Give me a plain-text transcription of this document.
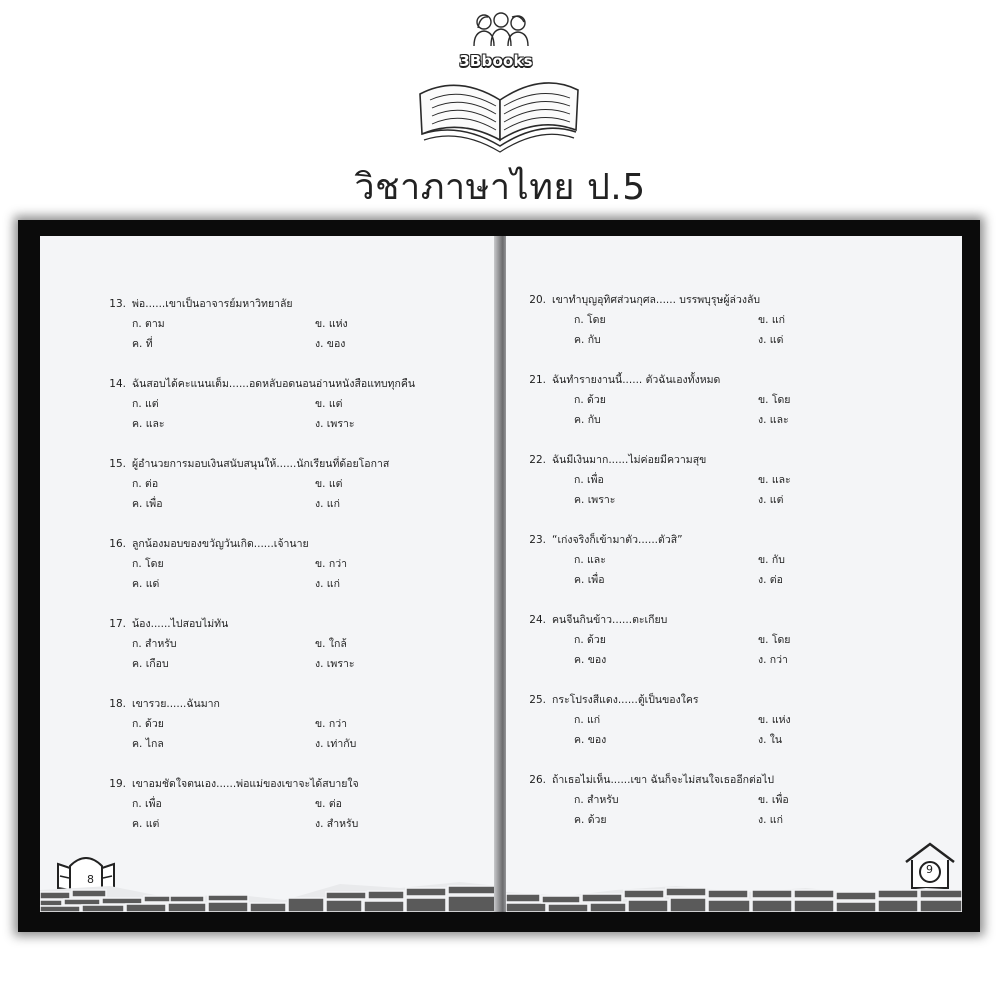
3Bbooks
วิชาภาษาไทย ป.5
13. พ่อ......เขาเป็นอาจารย์มหาวิทยาลัย
ก. ตาม	ข. แห่ง
ค. ที่	ง. ของ
14. ฉันสอบได้คะแนนเต็ม......อดหลับอดนอนอ่านหนังสือแทบทุกคืน
ก. แต่	ข. แต่
ค. และ	ง. เพราะ
15. ผู้อำนวยการมอบเงินสนับสนุนให้......นักเรียนที่ด้อยโอกาส
ก. ต่อ	ข. แต่
ค. เพื่อ	ง. แก่
16. ลูกน้องมอบของขวัญวันเกิด......เจ้านาย
ก. โดย	ข. กว่า
ค. แด่	ง. แก่
17. น้อง......ไปสอบไม่ทัน
ก. สำหรับ	ข. ใกล้
ค. เกือบ	ง. เพราะ
18. เขารวย......ฉันมาก
ก. ด้วย	ข. กว่า
ค. ไกล	ง. เท่ากับ
19. เขาอมชัดใจตนเอง......พ่อแม่ของเขาจะได้สบายใจ
ก. เพื่อ	ข. ต่อ
ค. แต่	ง. สำหรับ
8
20. เขาทำบุญอุทิศส่วนกุศล...... บรรพบุรุษผู้ล่วงลับ
ก. โดย	ข. แก่
ค. กับ	ง. แด่
21. ฉันทำรายงานนี้...... ตัวฉันเองทั้งหมด
ก. ด้วย	ข. โดย
ค. กับ	ง. และ
22. ฉันมีเงินมาก......ไม่ค่อยมีความสุข
ก. เพื่อ	ข. และ
ค. เพราะ	ง. แต่
23. “เก่งจริงก็เข้ามาตัว......ตัวสิ”
ก. และ	ข. กับ
ค. เพื่อ	ง. ต่อ
24. คนจีนกินข้าว......ตะเกียบ
ก. ด้วย	ข. โดย
ค. ของ	ง. กว่า
25. กระโปรงสีแดง......ตู้เป็นของใคร
ก. แก่	ข. แห่ง
ค. ของ	ง. ใน
26. ถ้าเธอไม่เห็น......เขา ฉันก็จะไม่สนใจเธออีกต่อไป
ก. สำหรับ	ข. เพื่อ
ค. ด้วย	ง. แก่
9
